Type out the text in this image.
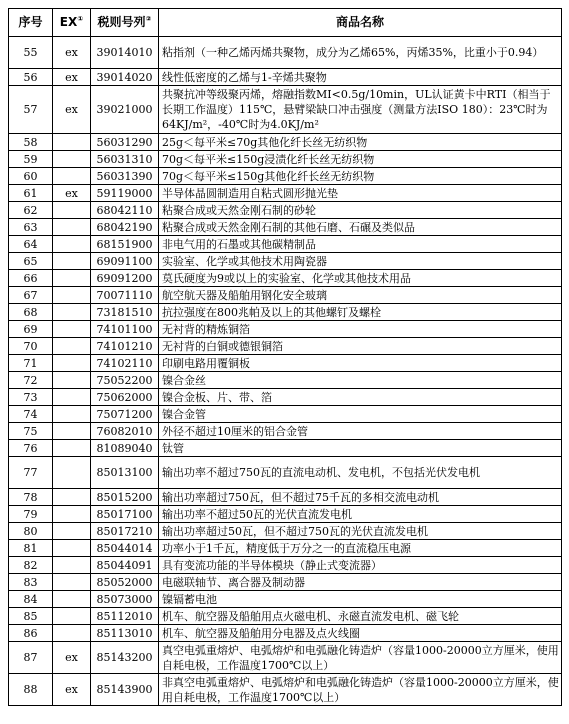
序号	EX①	税则号列②	商品名称
55	ex	39014010	粘指剂（一种乙烯丙烯共聚物，成分为乙烯65%，丙烯35%，比重小于0.94）
56	ex	39014020	线性低密度的乙烯与1-辛烯共聚物
57	ex	39021000	共聚抗冲等级聚丙烯，熔融指数MI<0.5g/10min，UL认证黄卡中RTI（相当于长期工作温度）115℃，悬臂梁缺口冲击强度（测量方法ISO 180）：23℃时为64KJ/m²，-40℃时为4.0KJ/m²
58		56031290	25g＜每平米≤70g其他化纤长丝无纺织物
59		56031310	70g＜每平米≤150g浸渍化纤长丝无纺织物
60		56031390	70g＜每平米≤150g其他化纤长丝无纺织物
61	ex	59119000	半导体晶圆制造用自粘式圆形抛光垫
62		68042110	粘聚合成或天然金刚石制的砂轮
63		68042190	粘聚合成或天然金刚石制的其他石磨、石碾及类似品
64		68151900	非电气用的石墨或其他碳精制品
65		69091100	实验室、化学或其他技术用陶瓷器
66		69091200	莫氏硬度为9或以上的实验室、化学或其他技术用品
67		70071110	航空航天器及船舶用钢化安全玻璃
68		73181510	抗拉强度在800兆帕及以上的其他螺钉及螺栓
69		74101100	无衬背的精炼铜箔
70		74101210	无衬背的白铜或德银铜箔
71		74102110	印刷电路用覆铜板
72		75052200	镍合金丝
73		75062000	镍合金板、片、带、箔
74		75071200	镍合金管
75		76082010	外径不超过10厘米的铝合金管
76		81089040	钛管
77		85013100	输出功率不超过750瓦的直流电动机、发电机，不包括光伏发电机
78		85015200	输出功率超过750瓦，但不超过75千瓦的多相交流电动机
79		85017100	输出功率不超过50瓦的光伏直流发电机
80		85017210	输出功率超过50瓦，但不超过750瓦的光伏直流发电机
81		85044014	功率小于1千瓦，精度低于万分之一的直流稳压电源
82		85044091	具有变流功能的半导体模块（静止式变流器）
83		85052000	电磁联轴节、离合器及制动器
84		85073000	镍镉蓄电池
85		85112010	机车、航空器及船舶用点火磁电机、永磁直流发电机、磁飞轮
86		85113010	机车、航空器及船舶用分电器及点火线圈
87	ex	85143200	真空电弧重熔炉、电弧熔炉和电弧融化铸造炉（容量1000-20000立方厘米，使用自耗电极，工作温度1700℃以上）
88	ex	85143900	非真空电弧重熔炉、电弧熔炉和电弧融化铸造炉（容量1000-20000立方厘米，使用自耗电极，工作温度1700℃以上）
